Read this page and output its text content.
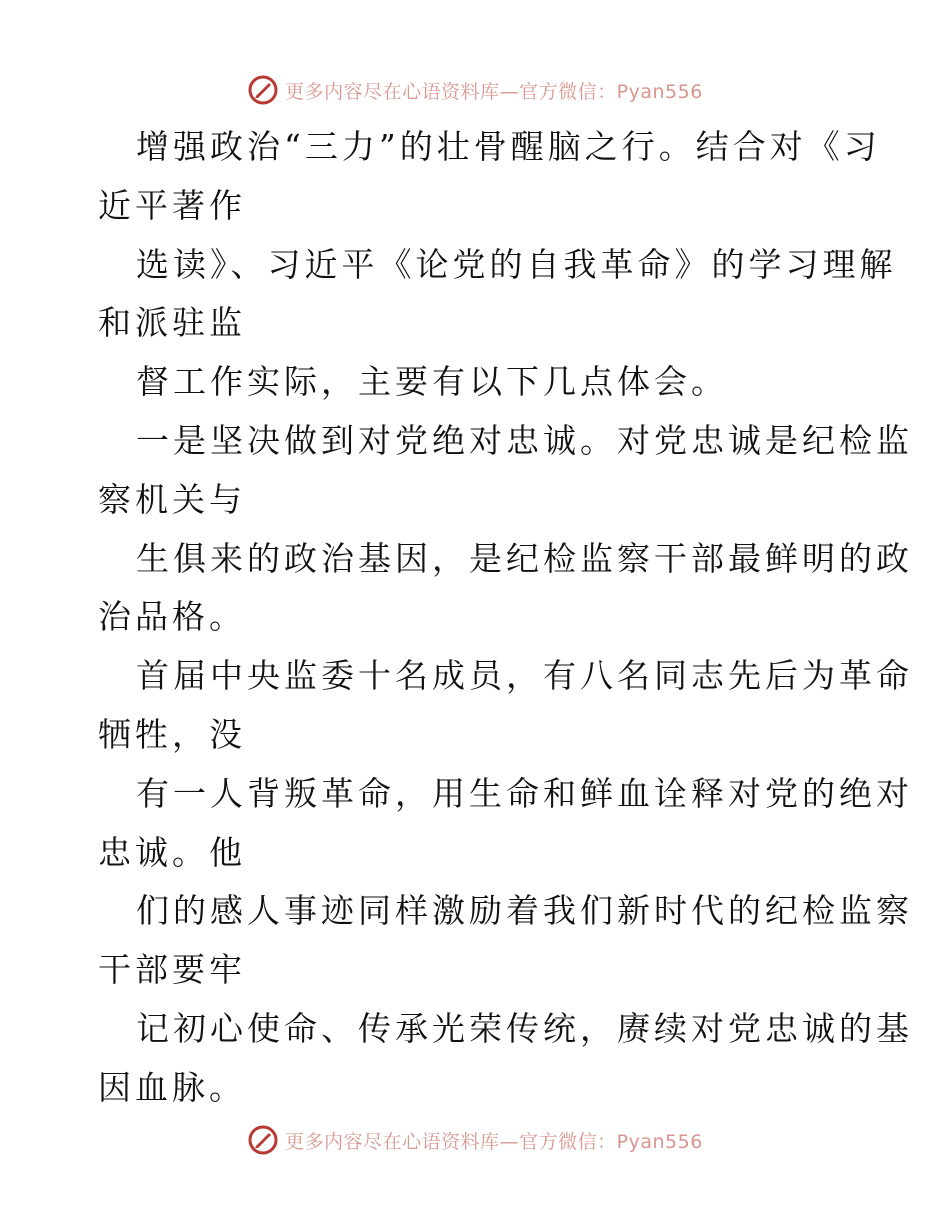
更多内容尽在心语资料库—官方微信：Pyan556
增强政治“三力”的壮骨醒脑之行。结合对《习
近平著作
选读》、习近平《论党的自我革命》的学习理解
和派驻监
督工作实际，主要有以下几点体会。
一是坚决做到对党绝对忠诚。对党忠诚是纪检监
察机关与
生俱来的政治基因，是纪检监察干部最鲜明的政
治品格。
首届中央监委十名成员，有八名同志先后为革命
牺牲，没
有一人背叛革命，用生命和鲜血诠释对党的绝对
忠诚。他
们的感人事迹同样激励着我们新时代的纪检监察
干部要牢
记初心使命、传承光荣传统，赓续对党忠诚的基
因血脉。
更多内容尽在心语资料库—官方微信：Pyan556
